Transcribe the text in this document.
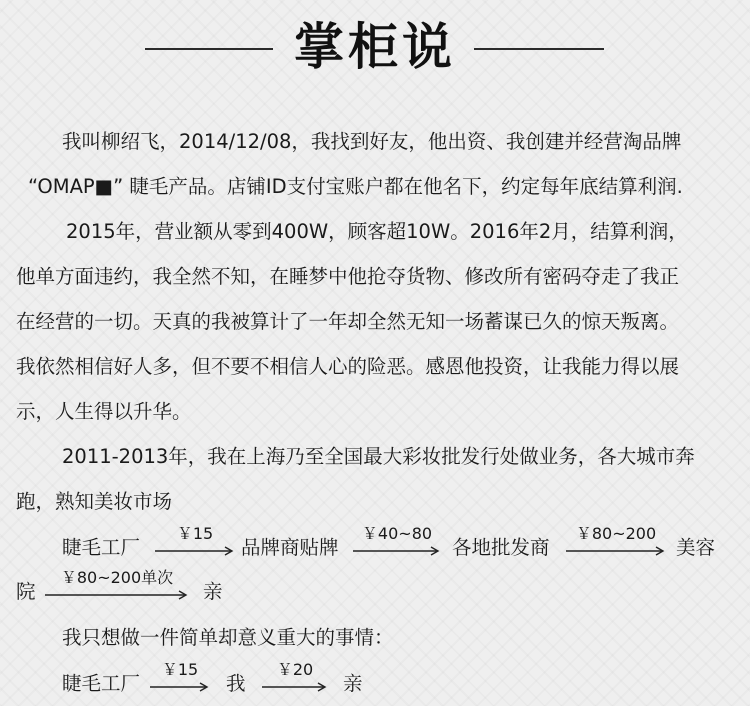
掌柜说
我叫柳绍飞，2014/12/08，我找到好友，他出资、我创建并经营淘品牌
“OMAP■” 睫毛产品。店铺ID支付宝账户都在他名下，约定每年底结算利润.
2015年，营业额从零到400W，顾客超10W。2016年2月，结算利润，
他单方面违约，我全然不知，在睡梦中他抢夺货物、修改所有密码夺走了我正
在经营的一切。天真的我被算计了一年却全然无知一场蓄谋已久的惊天叛离。
我依然相信好人多，但不要不相信人心的险恶。感恩他投资，让我能力得以展
示，人生得以升华。
2011-2013年，我在上海乃至全国最大彩妆批发行处做业务，各大城市奔
跑，熟知美妆市场
睫毛工厂
￥15
品牌商贴牌
￥40~80
各地批发商
￥80~200
美容
院
￥80~200单次
亲
我只想做一件简单却意义重大的事情：
睫毛工厂
￥15
我
￥20
亲
